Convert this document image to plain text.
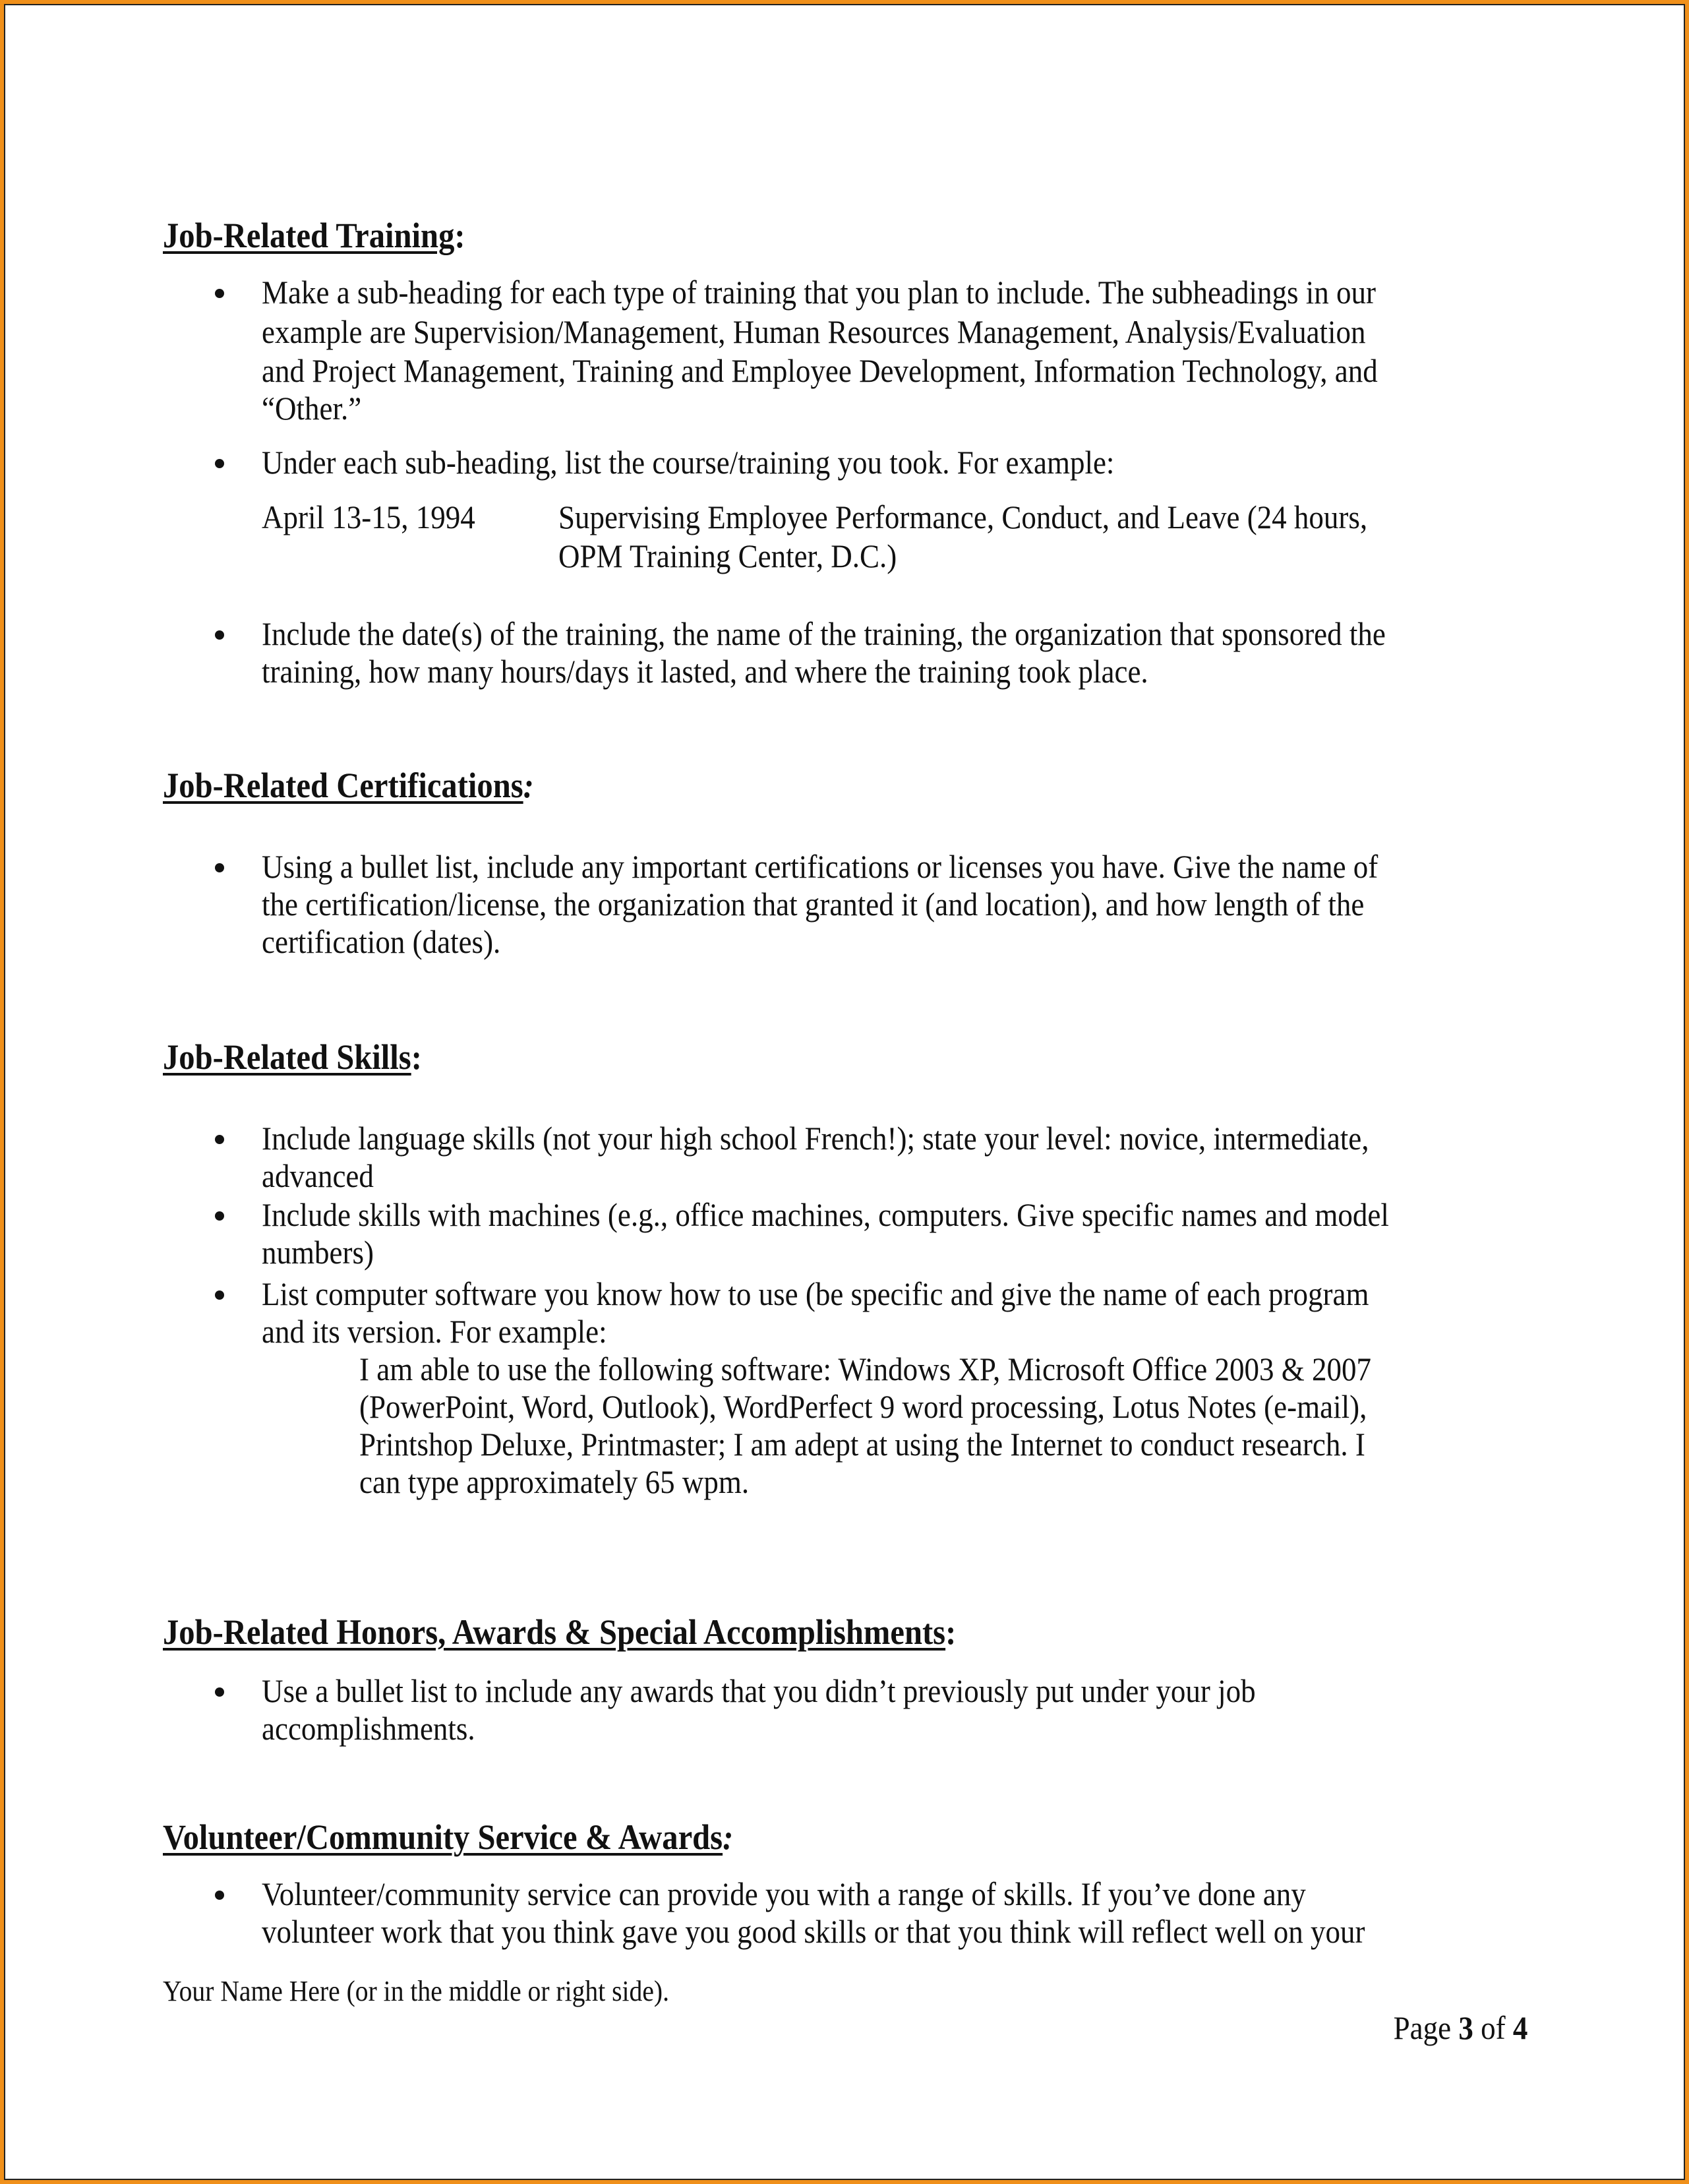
Job-Related Training:
Make a sub-heading for each type of training that you plan to include. The subheadings in our
example are Supervision/Management, Human Resources Management, Analysis/Evaluation
and Project Management, Training and Employee Development, Information Technology, and
“Other.”
Under each sub-heading, list the course/training you took. For example:
April 13-15, 1994	Supervising Employee Performance, Conduct, and Leave (24 hours,
OPM Training Center, D.C.)
Include the date(s) of the training, the name of the training, the organization that sponsored the
training, how many hours/days it lasted, and where the training took place.
Job-Related Certifications:
Using a bullet list, include any important certifications or licenses you have. Give the name of
the certification/license, the organization that granted it (and location), and how length of the
certification (dates).
Job-Related Skills:
Include language skills (not your high school French!); state your level: novice, intermediate,
advanced
Include skills with machines (e.g., office machines, computers. Give specific names and model
numbers)
List computer software you know how to use (be specific and give the name of each program
and its version. For example:
I am able to use the following software: Windows XP, Microsoft Office 2003 & 2007
(PowerPoint, Word, Outlook), WordPerfect 9 word processing, Lotus Notes (e-mail),
Printshop Deluxe, Printmaster; I am adept at using the Internet to conduct research. I
can type approximately 65 wpm.
Job-Related Honors, Awards & Special Accomplishments:
Use a bullet list to include any awards that you didn’t previously put under your job
accomplishments.
Volunteer/Community Service & Awards:
Volunteer/community service can provide you with a range of skills. If you’ve done any
volunteer work that you think gave you good skills or that you think will reflect well on your
Your Name Here (or in the middle or right side).
Page 3 of 4
